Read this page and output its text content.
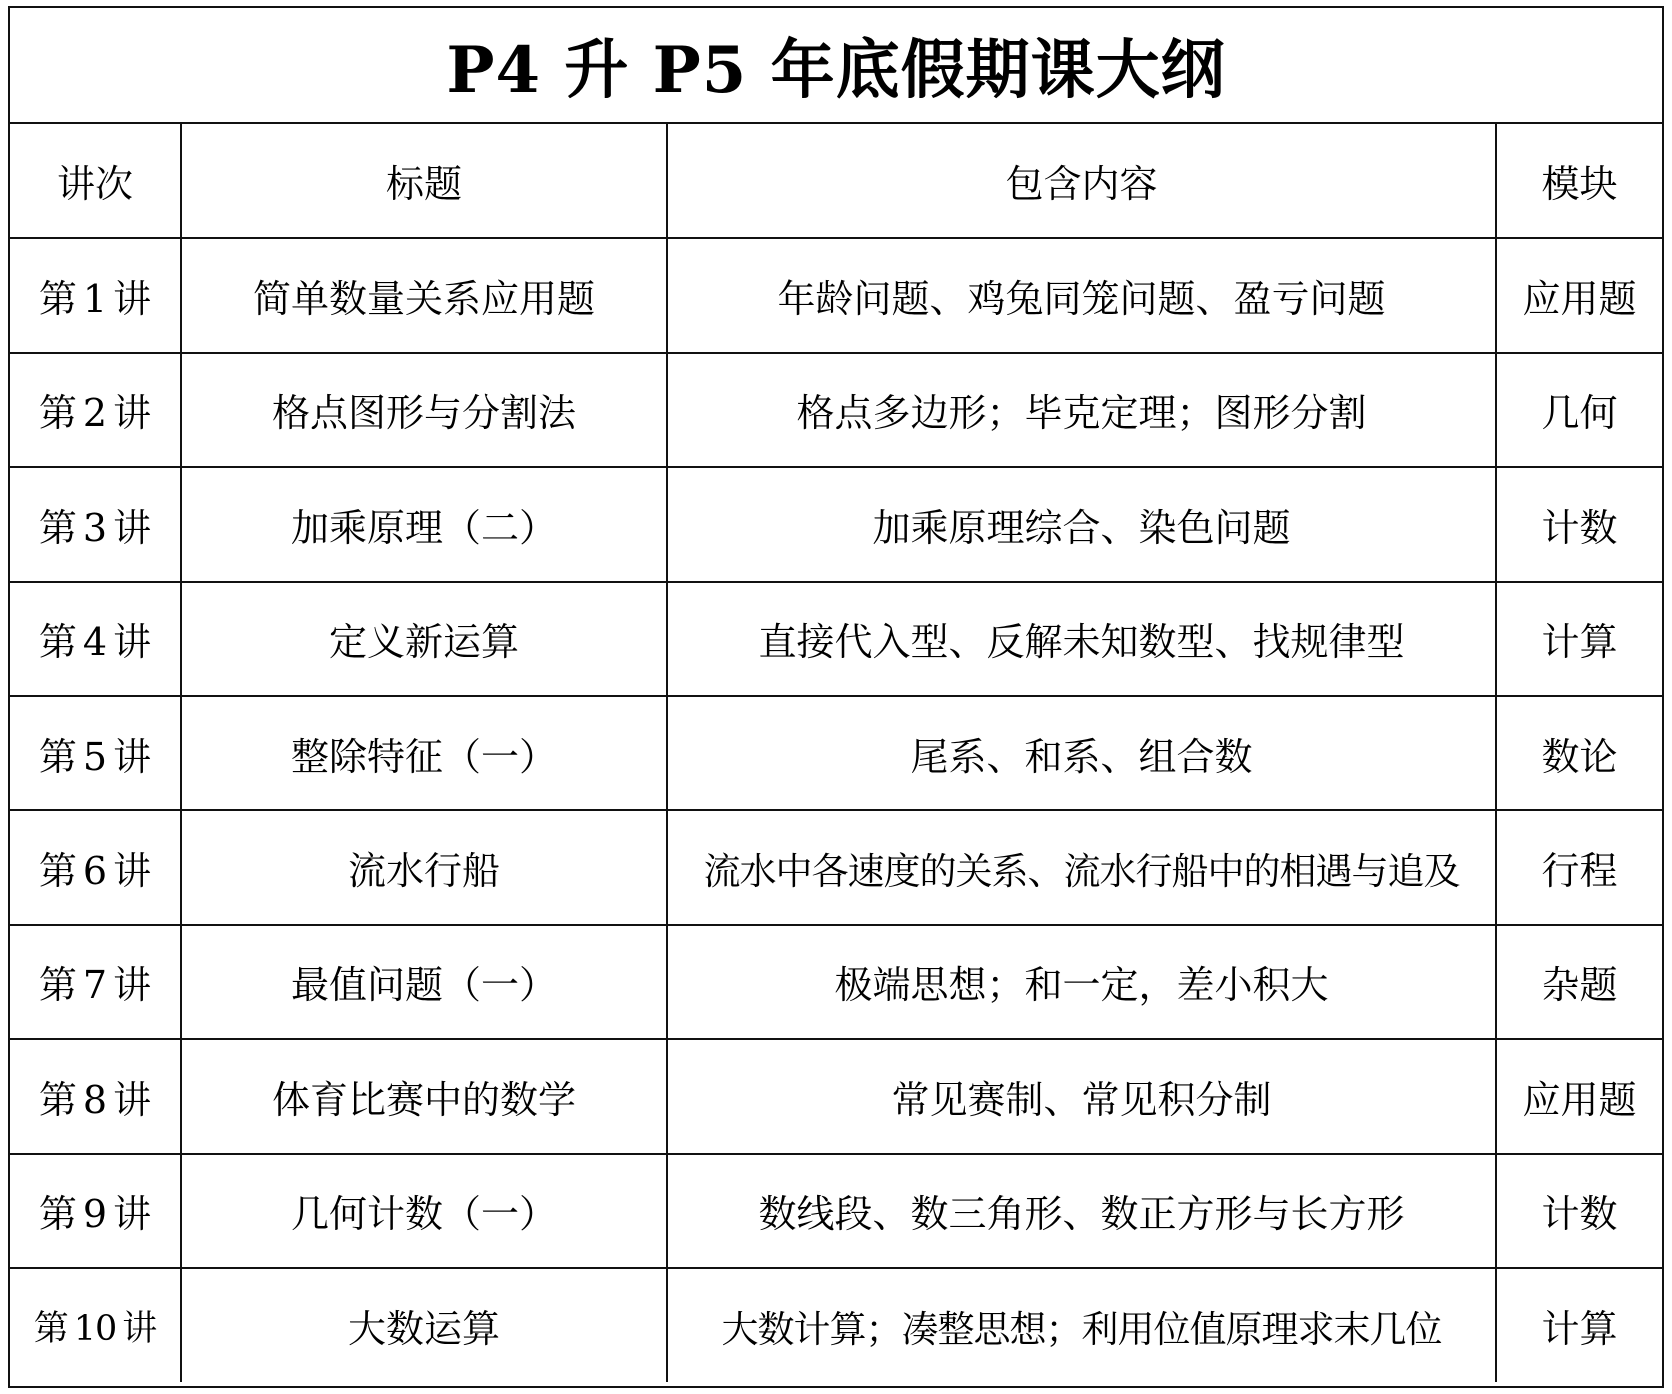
P4 升 P5 年底假期课大纲
讲次	标题	包含内容	模块
第 1 讲	简单数量关系应用题	年龄问题、鸡兔同笼问题、盈亏问题	应用题
第 2 讲	格点图形与分割法	格点多边形；毕克定理；图形分割	几何
第 3 讲	加乘原理（二）	加乘原理综合、染色问题	计数
第 4 讲	定义新运算	直接代入型、反解未知数型、找规律型	计算
第 5 讲	整除特征（一）	尾系、和系、组合数	数论
第 6 讲	流水行船	流水中各速度的关系、流水行船中的相遇与追及	行程
第 7 讲	最值问题（一）	极端思想；和一定，差小积大	杂题
第 8 讲	体育比赛中的数学	常见赛制、常见积分制	应用题
第 9 讲	几何计数（一）	数线段、数三角形、数正方形与长方形	计数
第 10 讲	大数运算	大数计算；凑整思想；利用位值原理求末几位	计算
